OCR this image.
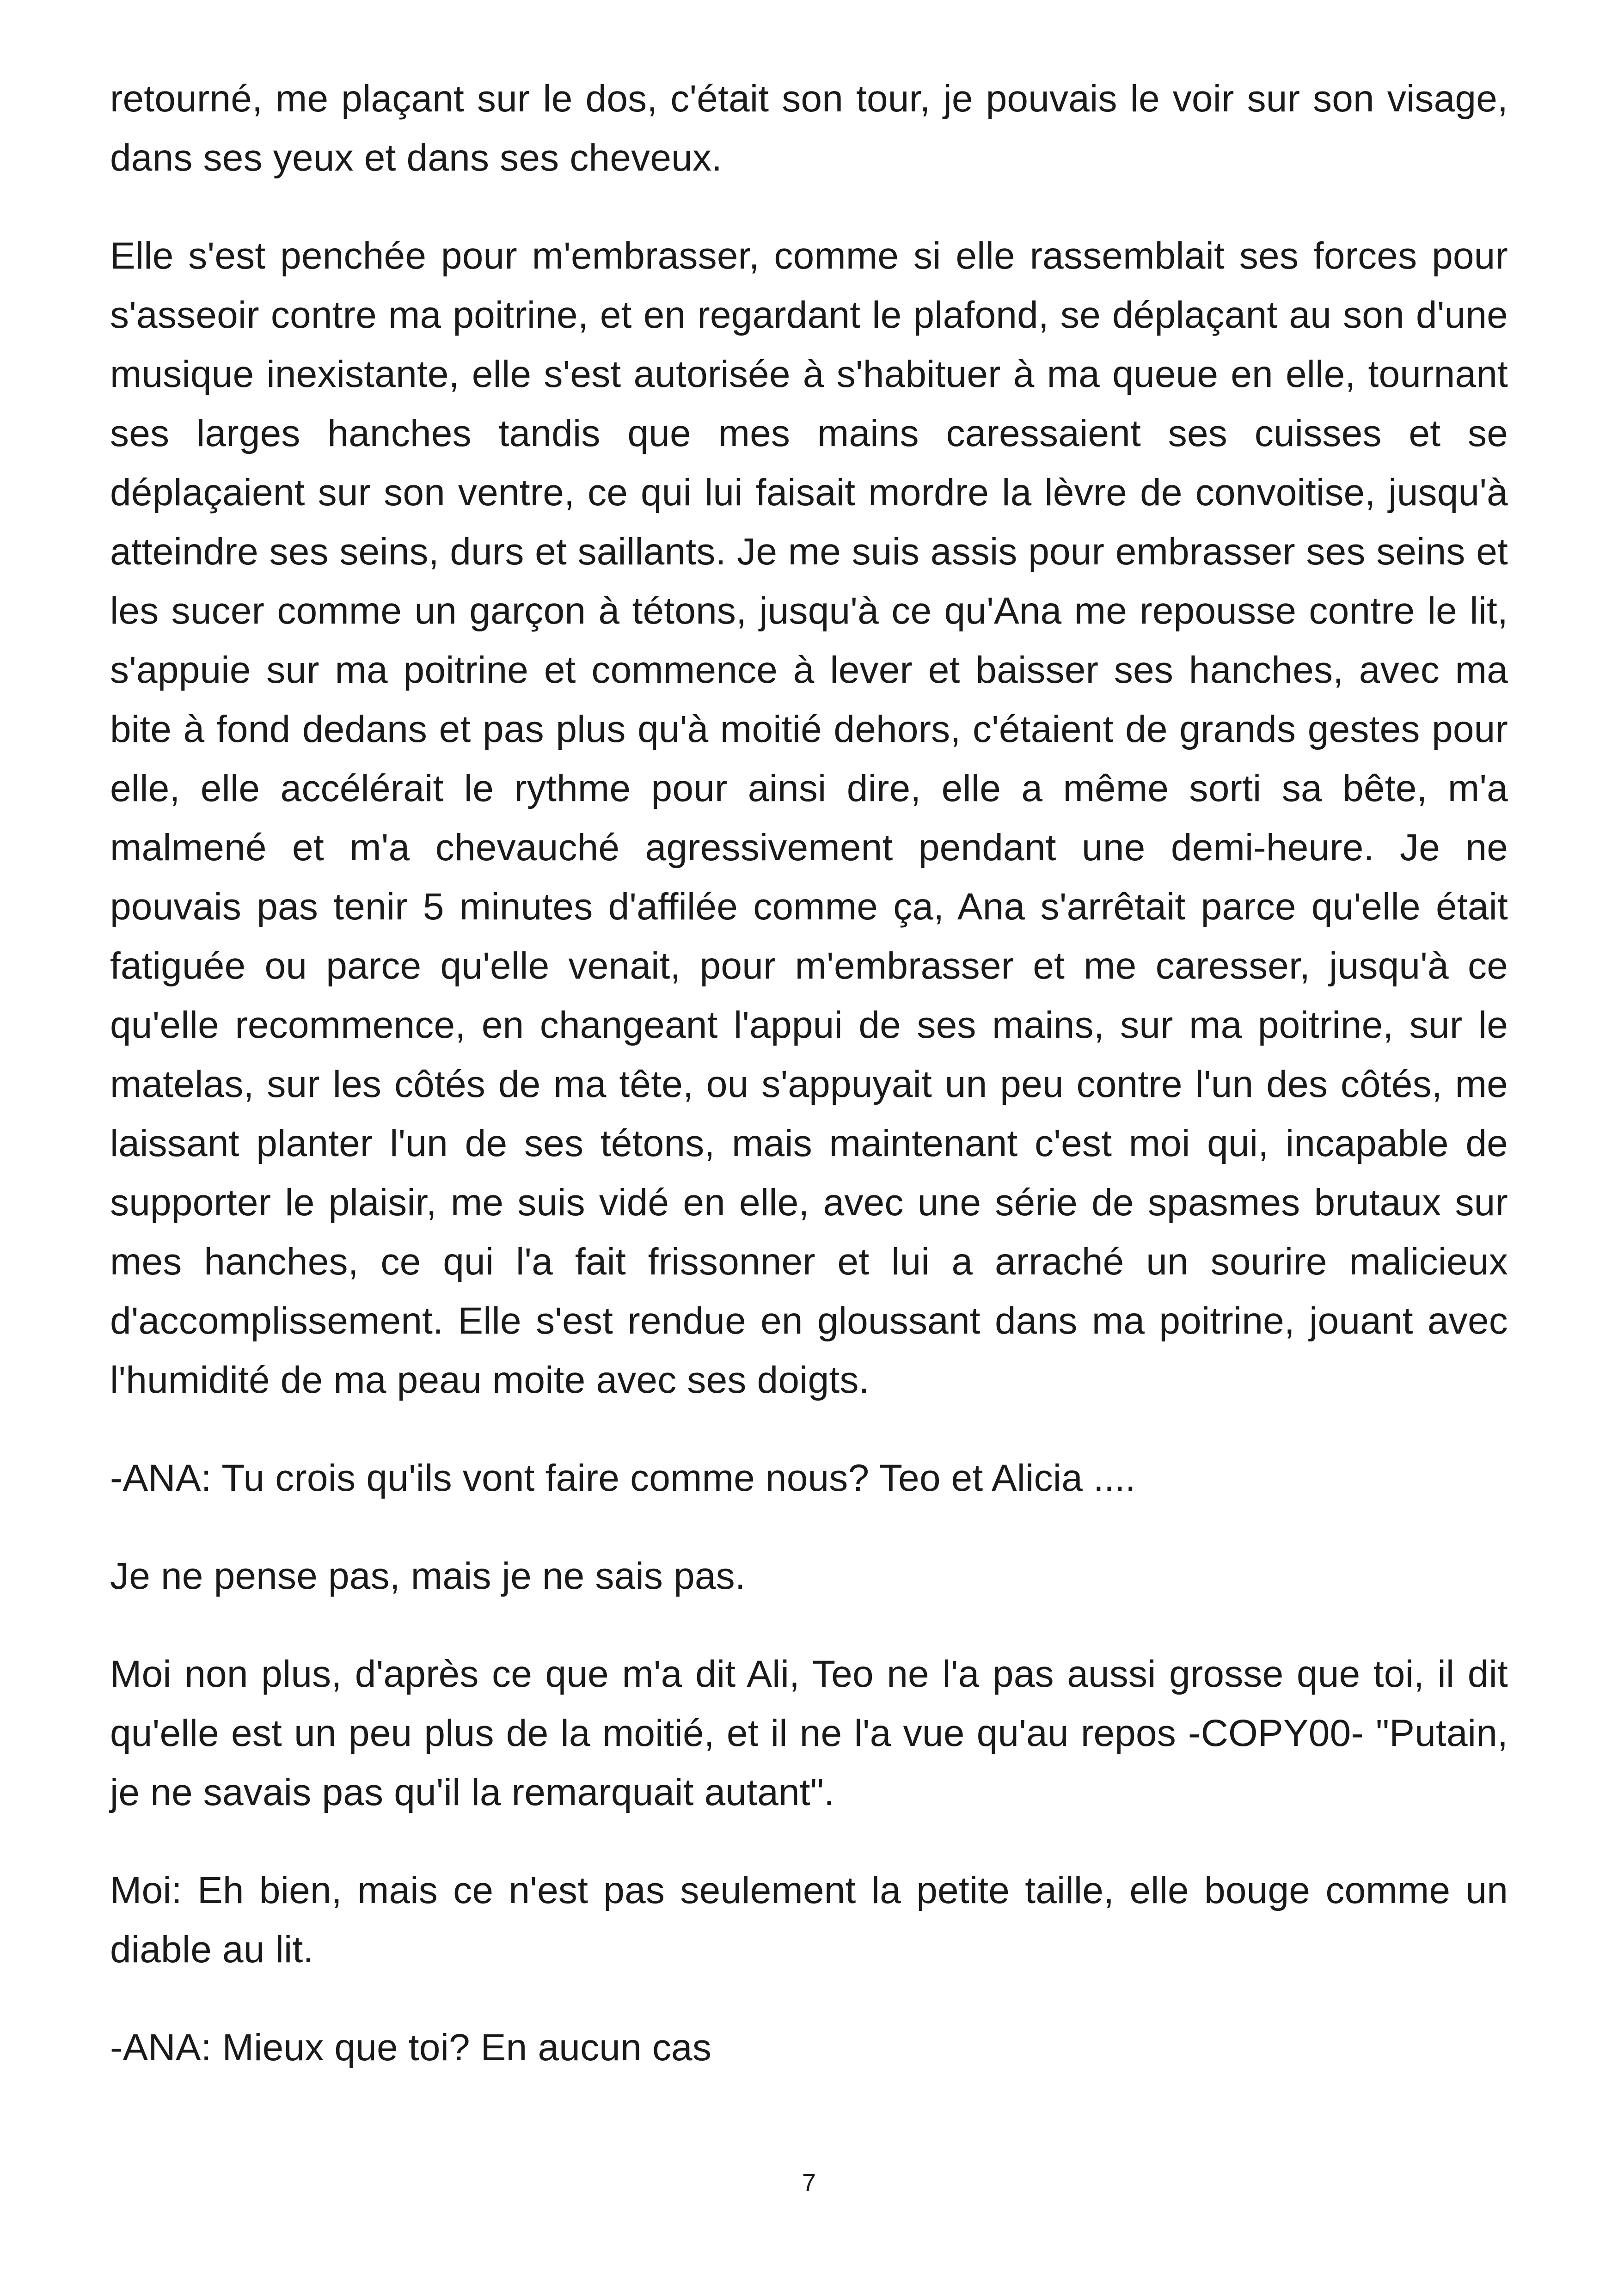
retourné, me plaçant sur le dos, c'était son tour, je pouvais le voir sur son visage, dans ses yeux et dans ses cheveux.

Elle s'est penchée pour m'embrasser, comme si elle rassemblait ses forces pour s'asseoir contre ma poitrine, et en regardant le plafond, se déplaçant au son d'une musique inexistante, elle s'est autorisée à s'habituer à ma queue en elle, tournant ses larges hanches tandis que mes mains caressaient ses cuisses et se déplaçaient sur son ventre, ce qui lui faisait mordre la lèvre de convoitise, jusqu'à atteindre ses seins, durs et saillants. Je me suis assis pour embrasser ses seins et les sucer comme un garçon à tétons, jusqu'à ce qu'Ana me repousse contre le lit, s'appuie sur ma poitrine et commence à lever et baisser ses hanches, avec ma bite à fond dedans et pas plus qu'à moitié dehors, c'étaient de grands gestes pour elle, elle accélérait le rythme pour ainsi dire, elle a même sorti sa bête, m'a malmené et m'a chevauché agressivement pendant une demi-heure. Je ne pouvais pas tenir 5 minutes d'affilée comme ça, Ana s'arrêtait parce qu'elle était fatiguée ou parce qu'elle venait, pour m'embrasser et me caresser, jusqu'à ce qu'elle recommence, en changeant l'appui de ses mains, sur ma poitrine, sur le matelas, sur les côtés de ma tête, ou s'appuyait un peu contre l'un des côtés, me laissant planter l'un de ses tétons, mais maintenant c'est moi qui, incapable de supporter le plaisir, me suis vidé en elle, avec une série de spasmes brutaux sur mes hanches, ce qui l'a fait frissonner et lui a arraché un sourire malicieux d'accomplissement. Elle s'est rendue en gloussant dans ma poitrine, jouant avec l'humidité de ma peau moite avec ses doigts.

-ANA: Tu crois qu'ils vont faire comme nous? Teo et Alicia ....

Je ne pense pas, mais je ne sais pas.

Moi non plus, d'après ce que m'a dit Ali, Teo ne l'a pas aussi grosse que toi, il dit qu'elle est un peu plus de la moitié, et il ne l'a vue qu'au repos -COPY00- "Putain, je ne savais pas qu'il la remarquait autant".

Moi: Eh bien, mais ce n'est pas seulement la petite taille, elle bouge comme un diable au lit.

-ANA: Mieux que toi? En aucun cas

7
